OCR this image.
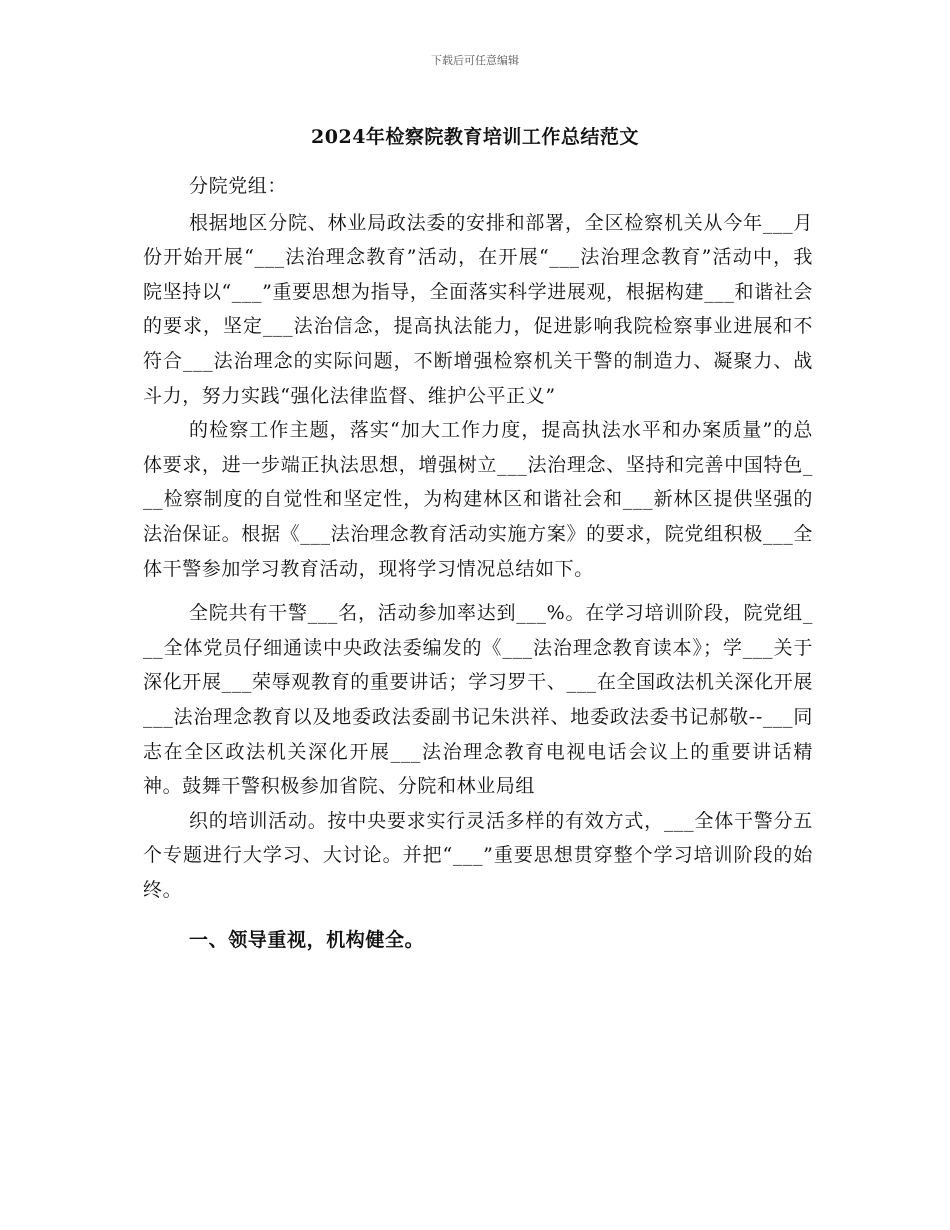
下载后可任意编辑
2024年检察院教育培训工作总结范文

分院党组：

根据地区分院、林业局政法委的安排和部署，全区检察机关从今年___月份开始开展“___法治理念教育”活动，在开展“___法治理念教育”活动中，我院坚持以“___”重要思想为指导，全面落实科学进展观，根据构建___和谐社会的要求，坚定___法治信念，提高执法能力，促进影响我院检察事业进展和不符合___法治理念的实际问题，不断增强检察机关干警的制造力、凝聚力、战斗力，努力实践“强化法律监督、维护公平正义”

的检察工作主题，落实“加大工作力度，提高执法水平和办案质量”的总体要求，进一步端正执法思想，增强树立___法治理念、坚持和完善中国特色___检察制度的自觉性和坚定性，为构建林区和谐社会和___新林区提供坚强的法治保证。根据《___法治理念教育活动实施方案》的要求，院党组积极___全体干警参加学习教育活动，现将学习情况总结如下。

全院共有干警___名，活动参加率达到___%。在学习培训阶段，院党组___全体党员仔细通读中央政法委编发的《___法治理念教育读本》；学___关于深化开展___荣辱观教育的重要讲话；学习罗干、___在全国政法机关深化开展___法治理念教育以及地委政法委副书记朱洪祥、地委政法委书记郝敬--___同志在全区政法机关深化开展___法治理念教育电视电话会议上的重要讲话精神。鼓舞干警积极参加省院、分院和林业局组

织的培训活动。按中央要求实行灵活多样的有效方式，___全体干警分五个专题进行大学习、大讨论。并把“___”重要思想贯穿整个学习培训阶段的始终。

一、领导重视，机构健全。
